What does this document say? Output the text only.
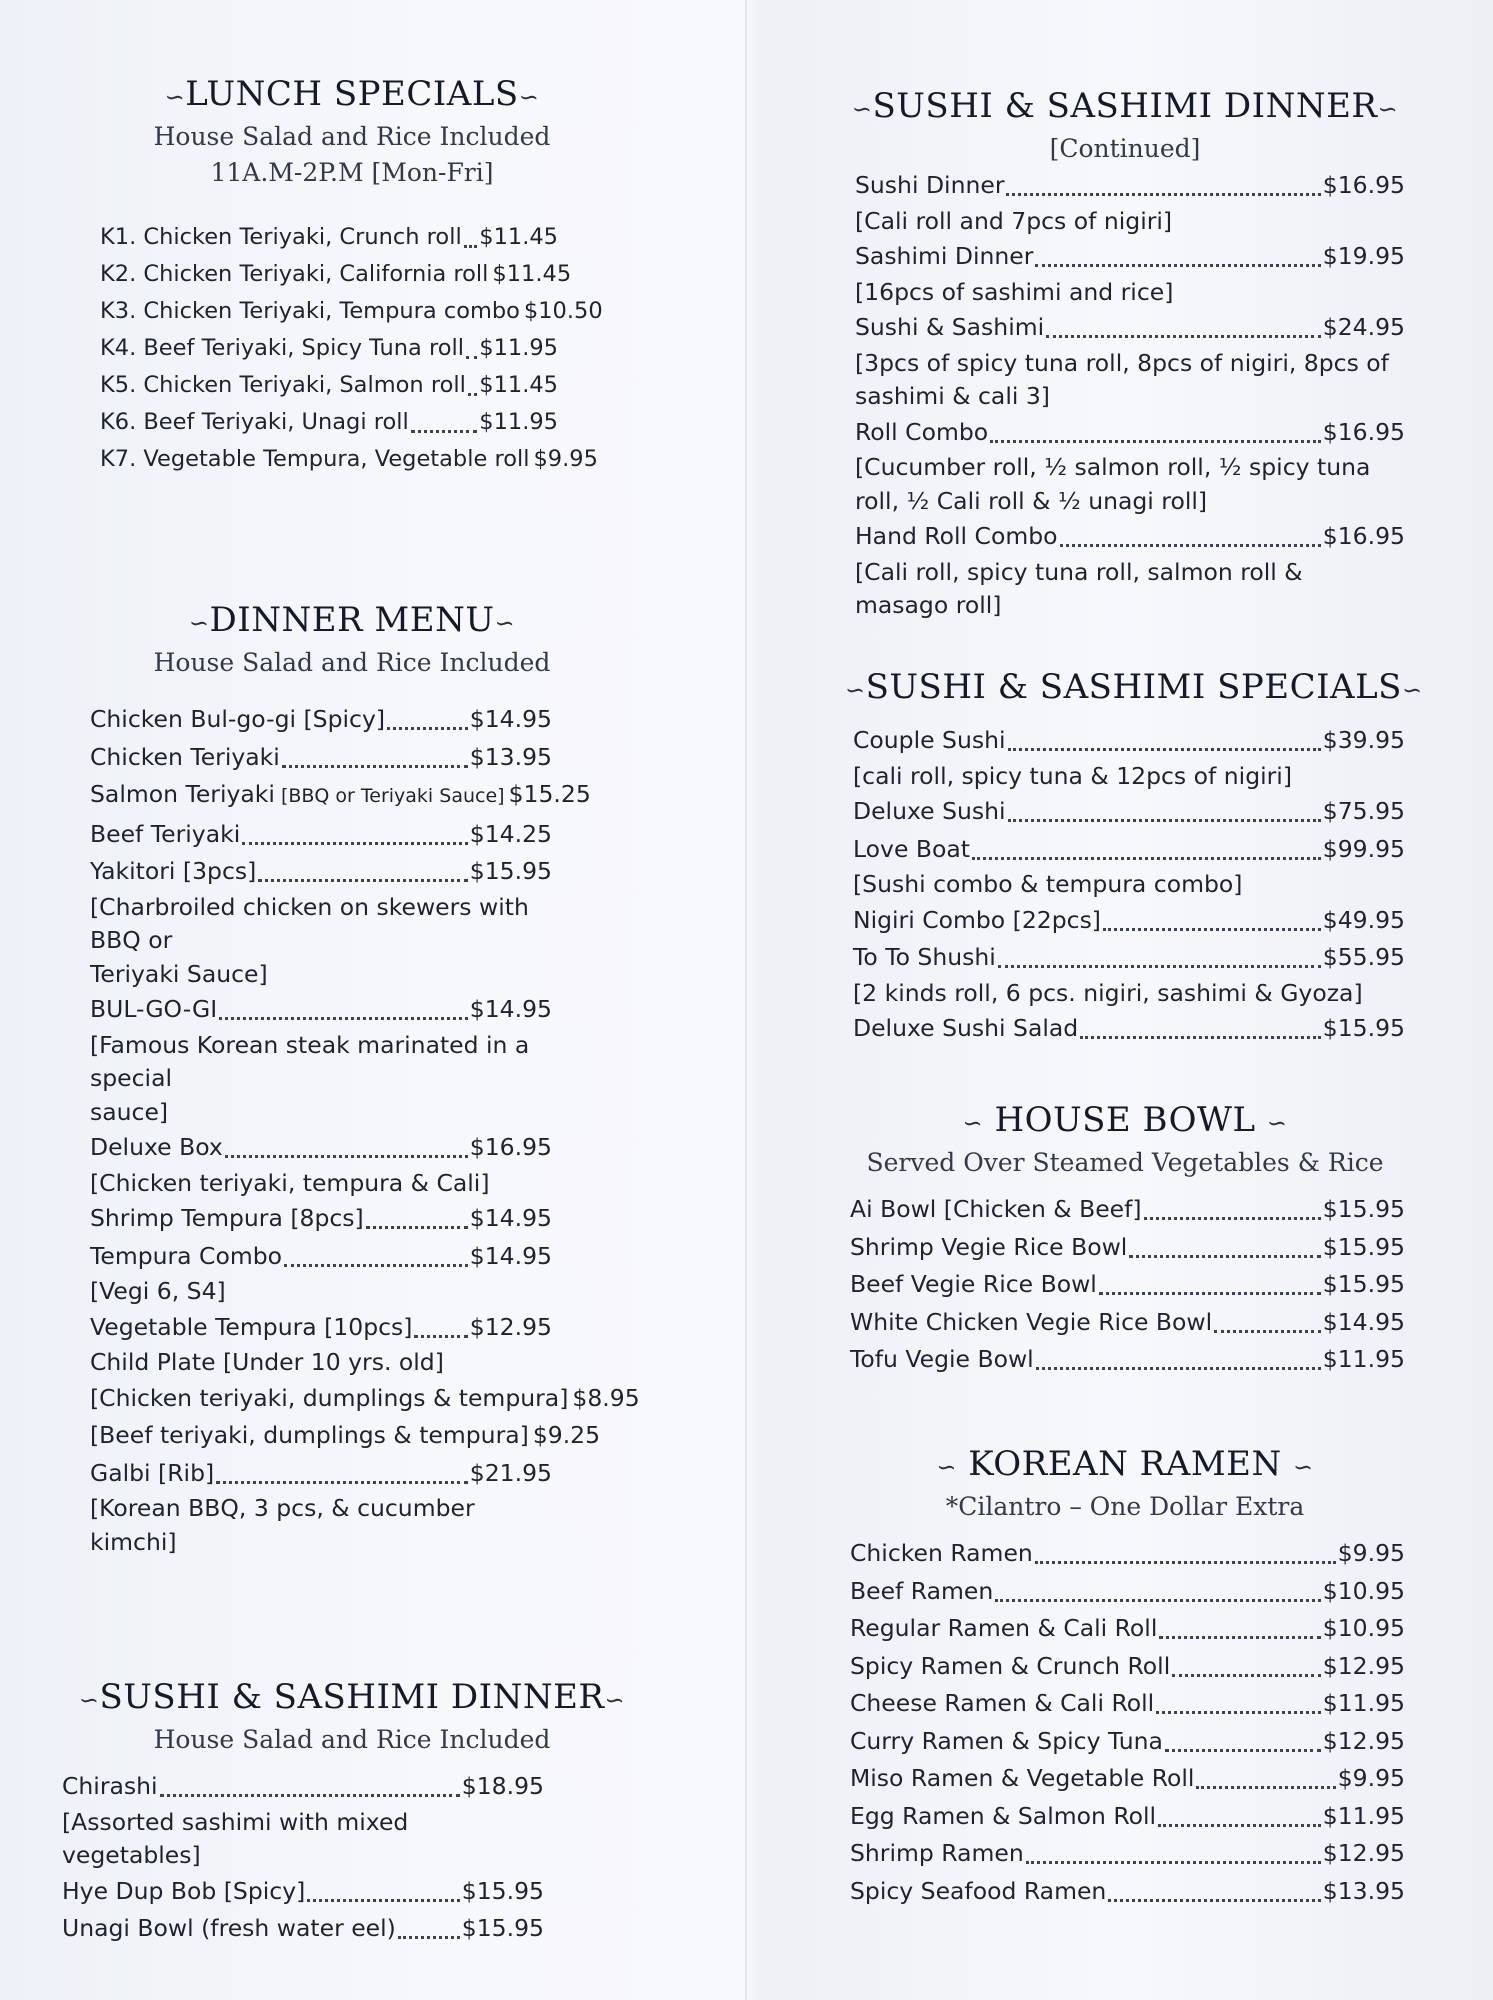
∽LUNCH SPECIALS∽
House Salad and Rice Included
11A.M-2P.M [Mon-Fri]
K1. Chicken Teriyaki, Crunch roll $11.45
K2. Chicken Teriyaki, California roll $11.45
K3. Chicken Teriyaki, Tempura combo $10.50
K4. Beef Teriyaki, Spicy Tuna roll $11.95
K5. Chicken Teriyaki, Salmon roll $11.45
K6. Beef Teriyaki, Unagi roll	$11.95
K7. Vegetable Tempura, Vegetable roll $9.95
∽DINNER MENU∽
House Salad and Rice Included
Chicken Bul-go-gi [Spicy]	$14.95
Chicken Teriyaki	$13.95
Salmon Teriyaki [BBQ or Teriyaki Sauce] $15.25
Beef Teriyaki	$14.25
Yakitori [3pcs]	$15.95
[Charbroiled chicken on skewers with BBQ or
Teriyaki Sauce]
BUL-GO-GI	$14.95
[Famous Korean steak marinated in a special
sauce]
Deluxe Box	$16.95
[Chicken teriyaki, tempura & Cali]
Shrimp Tempura [8pcs]	$14.95
Tempura Combo	$14.95
[Vegi 6, S4]
Vegetable Tempura [10pcs] $12.95
Child Plate [Under 10 yrs. old]
[Chicken teriyaki, dumplings & tempura] $8.95
[Beef teriyaki, dumplings & tempura] $9.25
Galbi [Rib]	$21.95
[Korean BBQ, 3 pcs, & cucumber kimchi]
∽SUSHI & SASHIMI DINNER∽
House Salad and Rice Included
Chirashi	$18.95
[Assorted sashimi with mixed vegetables]
Hye Dup Bob [Spicy]	$15.95
Unagi Bowl (fresh water eel)	$15.95
∽SUSHI & SASHIMI DINNER∽
[Continued]
Sushi Dinner	$16.95
[Cali roll and 7pcs of nigiri]
Sashimi Dinner	$19.95
[16pcs of sashimi and rice]
Sushi & Sashimi	$24.95
[3pcs of spicy tuna roll, 8pcs of nigiri, 8pcs of
sashimi & cali 3]
Roll Combo	$16.95
[Cucumber roll, ½ salmon roll, ½ spicy tuna
roll, ½ Cali roll & ½ unagi roll]
Hand Roll Combo	$16.95
[Cali roll, spicy tuna roll, salmon roll &
masago roll]
∽SUSHI & SASHIMI SPECIALS∽
Couple Sushi	$39.95
[cali roll, spicy tuna & 12pcs of nigiri]
Deluxe Sushi	$75.95
Love Boat	$99.95
[Sushi combo & tempura combo]
Nigiri Combo [22pcs]	$49.95
To To Shushi	$55.95
[2 kinds roll, 6 pcs. nigiri, sashimi & Gyoza]
Deluxe Sushi Salad	$15.95
∽ HOUSE BOWL ∽
Served Over Steamed Vegetables & Rice
Ai Bowl [Chicken & Beef]	$15.95
Shrimp Vegie Rice Bowl	$15.95
Beef Vegie Rice Bowl	$15.95
White Chicken Vegie Rice Bowl	$14.95
Tofu Vegie Bowl	$11.95
∽ KOREAN RAMEN ∽
*Cilantro – One Dollar Extra
Chicken Ramen	$9.95
Beef Ramen	$10.95
Regular Ramen & Cali Roll	$10.95
Spicy Ramen & Crunch Roll	$12.95
Cheese Ramen & Cali Roll	$11.95
Curry Ramen & Spicy Tuna	$12.95
Miso Ramen & Vegetable Roll	$9.95
Egg Ramen & Salmon Roll	$11.95
Shrimp Ramen	$12.95
Spicy Seafood Ramen	$13.95
